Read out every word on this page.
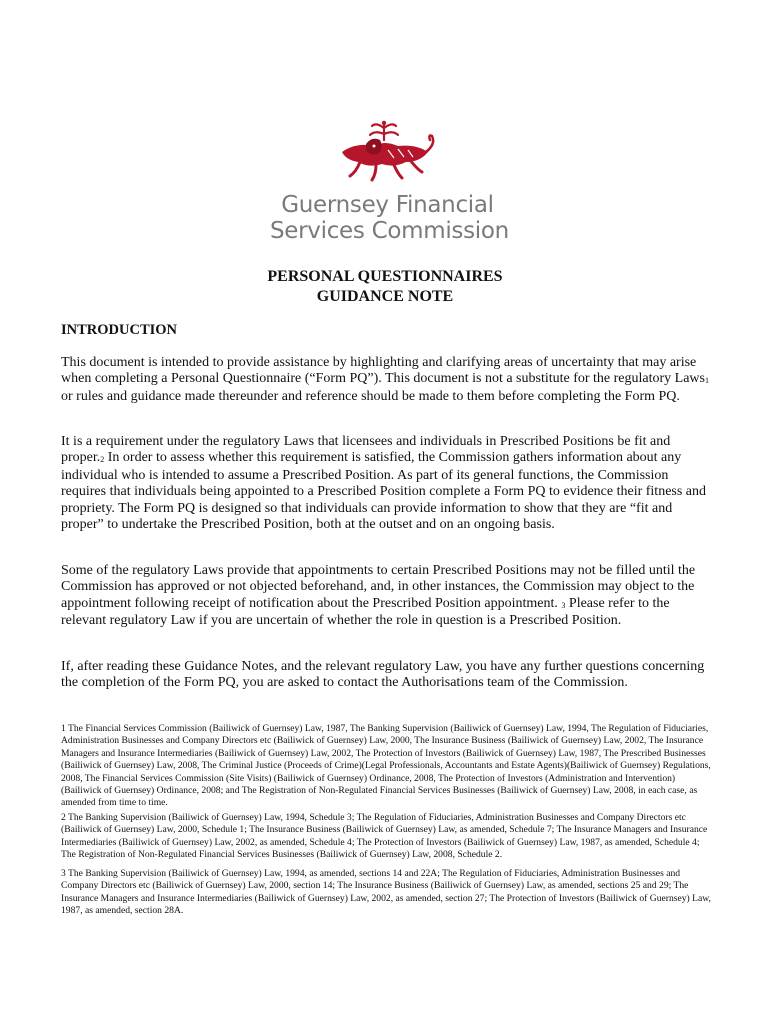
Guernsey Financial
Services Commission
PERSONAL QUESTIONNAIRES
GUIDANCE NOTE
INTRODUCTION

This document is intended to provide assistance by highlighting and clarifying areas of uncertainty that may arise when completing a Personal Questionnaire (“Form PQ”). This document is not a substitute for the regulatory Laws$^1$ or rules and guidance made thereunder and reference should be made to them before completing the Form PQ.

It is a requirement under the regulatory Laws that licensees and individuals in Prescribed Positions be fit and proper.$^2$ In order to assess whether this requirement is satisfied, the Commission gathers information about any individual who is intended to assume a Prescribed Position. As part of its general functions, the Commission requires that individuals being appointed to a Prescribed Position complete a Form PQ to evidence their fitness and propriety. The Form PQ is designed so that individuals can provide information to show that they are “fit and proper” to undertake the Prescribed Position, both at the outset and on an ongoing basis.

Some of the regulatory Laws provide that appointments to certain Prescribed Positions may not be filled until the Commission has approved or not objected beforehand, and, in other instances, the Commission may object to the appointment following receipt of notification about the Prescribed Position appointment. $^3$ Please refer to the relevant regulatory Law if you are uncertain of whether the role in question is a Prescribed Position.

If, after reading these Guidance Notes, and the relevant regulatory Law, you have any further questions concerning the completion of the Form PQ, you are asked to contact the Authorisations team of the Commission.

1 The Financial Services Commission (Bailiwick of Guernsey) Law, 1987, The Banking Supervision (Bailiwick of Guernsey) Law, 1994, The Regulation of Fiduciaries, Administration Businesses and Company Directors etc (Bailiwick of Guernsey) Law, 2000, The Insurance Business (Bailiwick of Guernsey) Law, 2002, The Insurance Managers and Insurance Intermediaries (Bailiwick of Guernsey) Law, 2002, The Protection of Investors (Bailiwick of Guernsey) Law, 1987, The Prescribed Businesses (Bailiwick of Guernsey) Law, 2008, The Criminal Justice (Proceeds of Crime)(Legal Professionals, Accountants and Estate Agents)(Bailiwick of Guernsey) Regulations, 2008, The Financial Services Commission (Site Visits) (Bailiwick of Guernsey) Ordinance, 2008, The Protection of Investors (Administration and Intervention) (Bailiwick of Guernsey) Ordinance, 2008; and The Registration of Non-Regulated Financial Services Businesses (Bailiwick of Guernsey) Law, 2008, in each case, as amended from time to time.

2 The Banking Supervision (Bailiwick of Guernsey) Law, 1994, Schedule 3; The Regulation of Fiduciaries, Administration Businesses and Company Directors etc (Bailiwick of Guernsey) Law, 2000, Schedule 1; The Insurance Business (Bailiwick of Guernsey) Law, as amended, Schedule 7; The Insurance Managers and Insurance Intermediaries (Bailiwick of Guernsey) Law, 2002, as amended, Schedule 4; The Protection of Investors (Bailiwick of Guernsey) Law, 1987, as amended, Schedule 4; The Registration of Non-Regulated Financial Services Businesses (Bailiwick of Guernsey) Law, 2008, Schedule 2.

3 The Banking Supervision (Bailiwick of Guernsey) Law, 1994, as amended, sections 14 and 22A; The Regulation of Fiduciaries, Administration Businesses and Company Directors etc (Bailiwick of Guernsey) Law, 2000, section 14; The Insurance Business (Bailiwick of Guernsey) Law, as amended, sections 25 and 29; The Insurance Managers and Insurance Intermediaries (Bailiwick of Guernsey) Law, 2002, as amended, section 27; The Protection of Investors (Bailiwick of Guernsey) Law, 1987, as amended, section 28A.
